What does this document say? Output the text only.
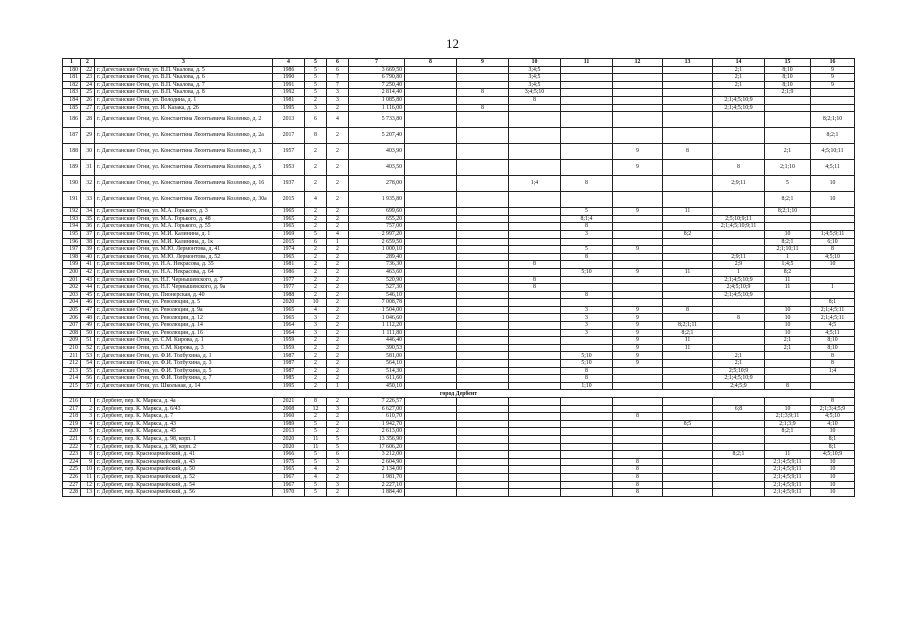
12
1	2	3	4	5	6	7	8	9	10	11	12	13	14	15	16
180	22	г. Дагестанские Огни, ул. В.П. Чкалова, д. 5	1986	5	6	3 669,50			3;4;5				2;1	8;10	9
181	23	г. Дагестанские Огни, ул. В.П. Чкалова, д. 6	1990	5	7	6 790,80			3;4;5				2;1	8;10	9
182	24	г. Дагестанские Огни, ул. В.П. Чкалова, д. 7	1991	5	7	7 250,40			3;4;5				2;1	8;10	9
183	25	г. Дагестанские Огни, ул. В.П. Чкалова, д. 8	1992	5	3	2 814,40		8	3;4;5;10					2;1;9	
184	26	г. Дагестанские Огни, ул. Володина, д. 1	1981	2	3	1 085,80			8				2;1;4;5;10;9		
185	27	г. Дагестанские Огни, ул. И. Казака, д. 26	1995	3	2	1 116,00		8					2;1;4;5;10;9		
186	28	г. Дагестанские Огни, ул. Константина Леонтьевича Козленко, д. 2	2013	6	4	5 733,80									8;2;1;10
187	29	г. Дагестанские Огни, ул. Константина Леонтьевича Козленко, д. 2а	2017	8	2	5 207,40									8;2;1
188	30	г. Дагестанские Огни, ул. Константина Леонтьевича Козленко, д. 3	1957	2	2	403,90					9	8		2;1	4;5;10;11
189	31	г. Дагестанские Огни, ул. Константина Леонтьевича Козленко, д. 5	1953	2	2	403,50					9		8	2;1;10	4;5;11
190	32	г. Дагестанские Огни, ул. Константина Леонтьевича Козленко, д. 16	1937	2	2	278,00			1;4	8			2;9;11	5	10
191	33	г. Дагестанские Огни, ул. Константина Леонтьевича Козленко, д. 30а	2015	4	2	1 935,80								8;2;1	10
192	34	г. Дагестанские Огни, ул. М.А. Горького, д. 3	1965	2	2	699,60				5	9	11		8;2;1;10	
193	35	г. Дагестанские Огни, ул. М.А. Горького, д. 48	1965	2	2	655,20				8;1;4			2;5;10;9;11		
194	36	г. Дагестанские Огни, ул. М.А. Горького, д. 55	1965	2	2	757,00				8			2;1;4;5;10;9;11		
195	37	г. Дагестанские Огни, ул. М.И. Калинина, д. 1	1969	5	4	2 997,20				3		8;2		10	1;4;5;9;11
196	38	г. Дагестанские Огни, ул. М.И. Калинина, д. 1к	2015	6	1	2 659,50								8;2;1	6;10
197	39	г. Дагестанские Огни, ул. М.Ю. Лермонтова, д. 41	1974	2	2	1 000,10				5	9			2;1;10;11	8
198	40	г. Дагестанские Огни, ул. М.Ю. Лермонтова, д. 52	1965	2	2	289,40				8			2;9;11	1	4;5;10
199	41	г. Дагестанские Огни, ул. Н.А. Некрасова, д. 35	1981	2	2	736,30			8				2;9	1;4;5	10
200	42	г. Дагестанские Огни, ул. Н.А. Некрасова, д. 64	1986	2	2	463,60				5;10	9	11	1	8;2	
201	43	г. Дагестанские Огни, ул. Н.Г. Чернышевского, д. 7	1977	2	2	520,90			8				2;1;4;5;10;9	11	
202	44	г. Дагестанские Огни, ул. Н.Г. Чернышевского, д. 9а	1977	2	2	527,30			8				2;4;5;10;9	11	1
203	45	г. Дагестанские Огни, ул. Пионерская, д. 40	1988	2	2	546,10				8			2;1;4;5;10;9		
204	46	г. Дагестанские Огни, ул. Революции, д. 5	2020	10	2	7 008,78									8;1
205	47	г. Дагестанские Огни, ул. Революции, д. 9а	1965	4	2	1 504,00				3	9	8		10	2;1;4;5;11
206	48	г. Дагестанские Огни, ул. Революции, д. 12	1965	3	2	1 046,60				3	9		8	10	2;1;4;5;11
207	49	г. Дагестанские Огни, ул. Революции, д. 14	1964	3	2	1 112,20				3	9	8;2;1;11		10	4;5
208	50	г. Дагестанские Огни, ул. Революции, д. 16	1964	3	2	1 111,80				3	9	8;2;1		10	4;5;11
209	51	г. Дагестанские Огни, ул. С.М. Кирова, д. 1	1959	2	2	446,40					9	11		2;1	8;10
210	52	г. Дагестанские Огни, ул. С.М. Кирова, д. 3	1959	2	2	390,53					9	11		2;1	8;10
211	53	г. Дагестанские Огни, ул. Ф.И. Толбухина, д. 1	1987	2	2	581,00				5;10	9		2;1		8
212	54	г. Дагестанские Огни, ул. Ф.И. Толбухина, д. 3	1987	2	2	564,10				5;10	9		2;1		8
213	55	г. Дагестанские Огни, ул. Ф.И. Толбухина, д. 5	1987	2	2	514,30				8			2;5;10;9		1;4
214	56	г. Дагестанские Огни, ул. Ф.И. Толбухина, д. 7	1985	2	2	611,60				8			2;1;4;5;10;9		
215	57	г. Дагестанские Огни, ул. Школьная, д. 14	1995	2	1	450,10				1;10			2;4;5;9	8	
город Дербент															
216	1	г. Дербент, пер. К. Маркса, д. 4а	2021	8	2	7 226,57									8
217	2	г. Дербент, пер. К. Маркса, д. 6/43	2008	12	3	6 627,00							6;8	10	2;1;3;4;5;9
218	3	г. Дербент, пер. К. Маркса, д. 7	1960	2	2	610,70					8			2;1;3;9;11	4;5;10
219	4	г. Дербент, пер. К. Маркса, д. 43	1989	5	2	1 942,70						8;5		2;1;3;9	4;10
220	5	г. Дербент, пер. К. Маркса, д. 45	2013	5	2	2 613,00								8;2;1	10
221	6	г. Дербент, пер. К. Маркса, д. 98, корп. 1	2020	11	5	13 356,90									8;1
222	7	г. Дербент, пер. К. Маркса, д. 98, корп. 2	2020	11	5	17 606,20									8;1
223	8	г. Дербент, пер. Красноармейский, д. 41	1966	5	6	3 212,00							8;2;1	11	4;5;10;9
224	9	г. Дербент, пер. Красноармейский, д. 43	1975	5	3	2 604,90					8			2;1;4;5;9;11	10
225	10	г. Дербент, пер. Красноармейский, д. 50	1965	4	2	2 134,00					8			2;1;4;5;9;11	10
226	11	г. Дербент, пер. Красноармейский, д. 52	1967	4	2	1 981,70					8			2;1;4;5;9;11	10
227	12	г. Дербент, пер. Красноармейский, д. 54	1967	5	3	2 227,10					8			2;1;4;5;9;11	10
228	13	г. Дербент, пер. Красноармейский, д. 56	1970	5	2	1 884,40					8			2;1;4;5;9;11	10
